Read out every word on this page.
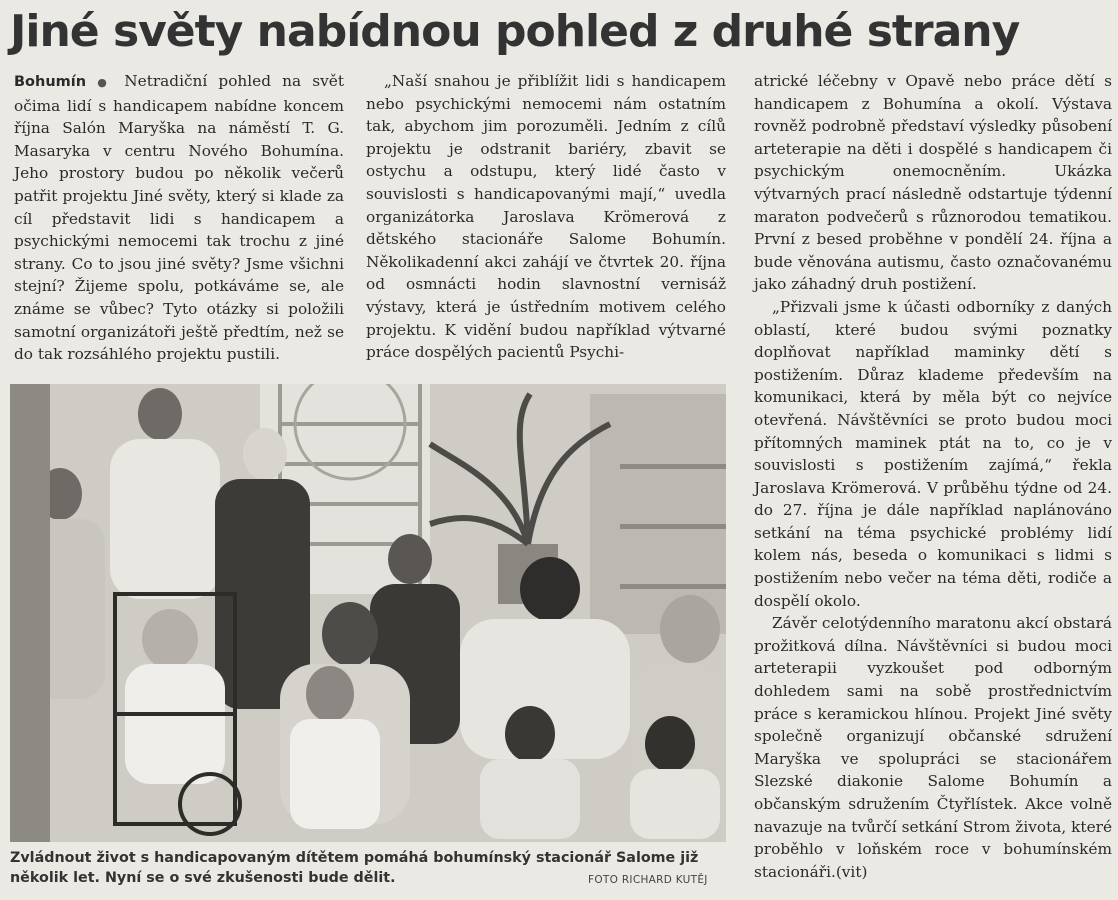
Jiné světy nabídnou pohled z druhé strany

Bohumín ● Netradiční pohled na svět očima lidí s handicapem nabídne koncem října Salón Maryška na náměstí T. G. Masaryka v centru Nového Bohumína. Jeho prostory budou po několik večerů patřit projektu Jiné světy, který si klade za cíl představit lidi s handicapem a psychickými nemocemi tak trochu z jiné strany. Co to jsou jiné světy? Jsme všichni stejní? Žijeme spolu, potkáváme se, ale známe se vůbec? Tyto otázky si položili samotní organizátoři ještě předtím, než se do tak rozsáhlého projektu pustili.

„Naší snahou je přiblížit lidi s handicapem nebo psychickými nemocemi nám ostatním tak, abychom jim porozuměli. Jedním z cílů projektu je odstranit bariéry, zbavit se ostychu a odstupu, který lidé často v souvislosti s handicapovanými mají,“ uvedla organizátorka Jaroslava Krömerová z dětského stacionáře Salome Bohumín. Několikadenní akci zahájí ve čtvrtek 20. října od osmnácti hodin slavnostní vernisáž výstavy, která je ústředním motivem celého projektu. K vidění budou například výtvarné práce dospělých pacientů Psychi-

atrické léčebny v Opavě nebo práce dětí s handicapem z Bohumína a okolí. Výstava rovněž podrobně představí výsledky působení arteterapie na děti i dospělé s handicapem či psychickým onemocněním. Ukázka výtvarných prací následně odstartuje týdenní maraton podvečerů s různorodou tematikou. První z besed proběhne v pondělí 24. října a bude věnována autismu, často označovanému jako záhadný druh postižení.

„Přizvali jsme k účasti odborníky z daných oblastí, které budou svými poznatky doplňovat například maminky dětí s postižením. Důraz klademe především na komunikaci, která by měla být co nejvíce otevřená. Návštěvníci se proto budou moci přítomných maminek ptát na to, co je v souvislosti s postižením zajímá,“ řekla Jaroslava Krömerová. V průběhu týdne od 24. do 27. října je dále například naplánováno setkání na téma psychické problémy lidí kolem nás, beseda o komunikaci s lidmi s postižením nebo večer na téma děti, rodiče a dospělí okolo.

Závěr celotýdenního maratonu akcí obstará prožitková dílna. Návštěvníci si budou moci arteterapii vyzkoušet pod odborným dohledem sami na sobě prostřednictvím práce s keramickou hlínou. Projekt Jiné světy společně organizují občanské sdružení Maryška ve spolupráci se stacionářem Slezské diakonie Salome Bohumín a občanským sdružením Čtyřlístek. Akce volně navazuje na tvůrčí setkání Strom života, které proběhlo v loňském roce v bohumínském stacionáři.(vit)

Zvládnout život s handicapovaným dítětem pomáhá bohumínský stacionář Salome již několik let. Nyní se o své zkušenosti bude dělit.	FOTO RICHARD KUTĚJ
